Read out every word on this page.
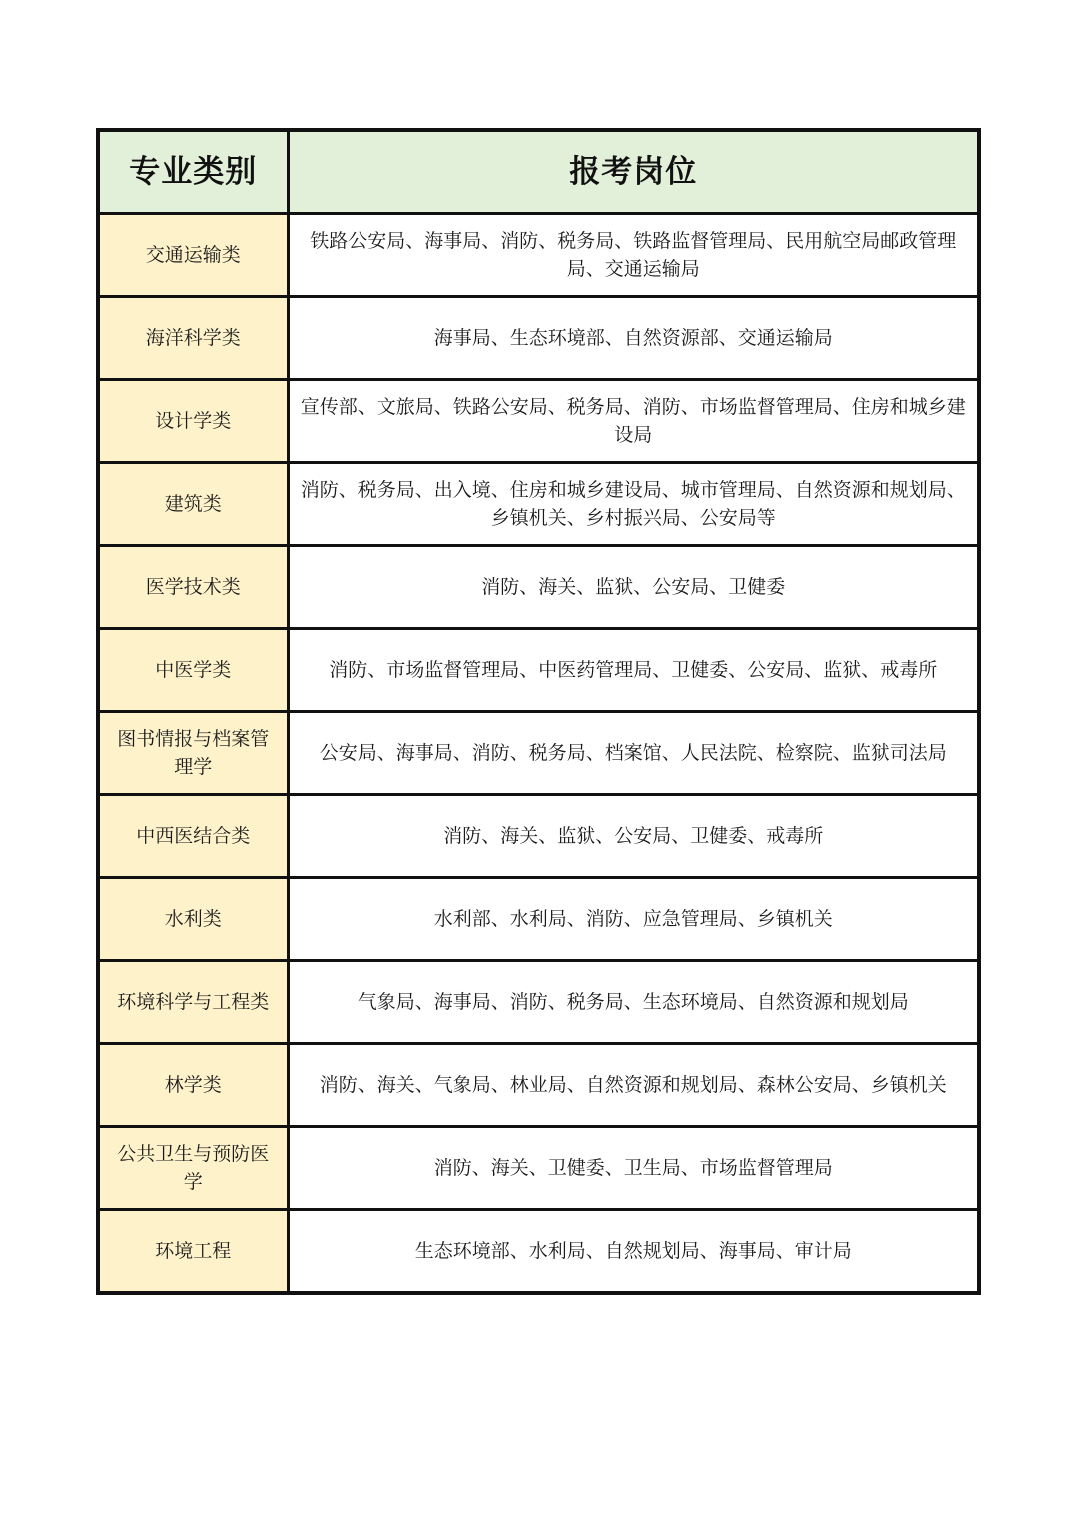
专业类别	报考岗位
交通运输类	铁路公安局、海事局、消防、税务局、铁路监督管理局、民用航空局邮政管理局、交通运输局
海洋科学类	海事局、生态环境部、自然资源部、交通运输局
设计学类	宣传部、文旅局、铁路公安局、税务局、消防、市场监督管理局、住房和城乡建设局
建筑类	消防、税务局、出入境、住房和城乡建设局、城市管理局、自然资源和规划局、乡镇机关、乡村振兴局、公安局等
医学技术类	消防、海关、监狱、公安局、卫健委
中医学类	消防、市场监督管理局、中医药管理局、卫健委、公安局、监狱、戒毒所
图书情报与档案管理学	公安局、海事局、消防、税务局、档案馆、人民法院、检察院、监狱司法局
中西医结合类	消防、海关、监狱、公安局、卫健委、戒毒所
水利类	水利部、水利局、消防、应急管理局、乡镇机关
环境科学与工程类	气象局、海事局、消防、税务局、生态环境局、自然资源和规划局
林学类	消防、海关、气象局、林业局、自然资源和规划局、森林公安局、乡镇机关
公共卫生与预防医学	消防、海关、卫健委、卫生局、市场监督管理局
环境工程	生态环境部、水利局、自然规划局、海事局、审计局
